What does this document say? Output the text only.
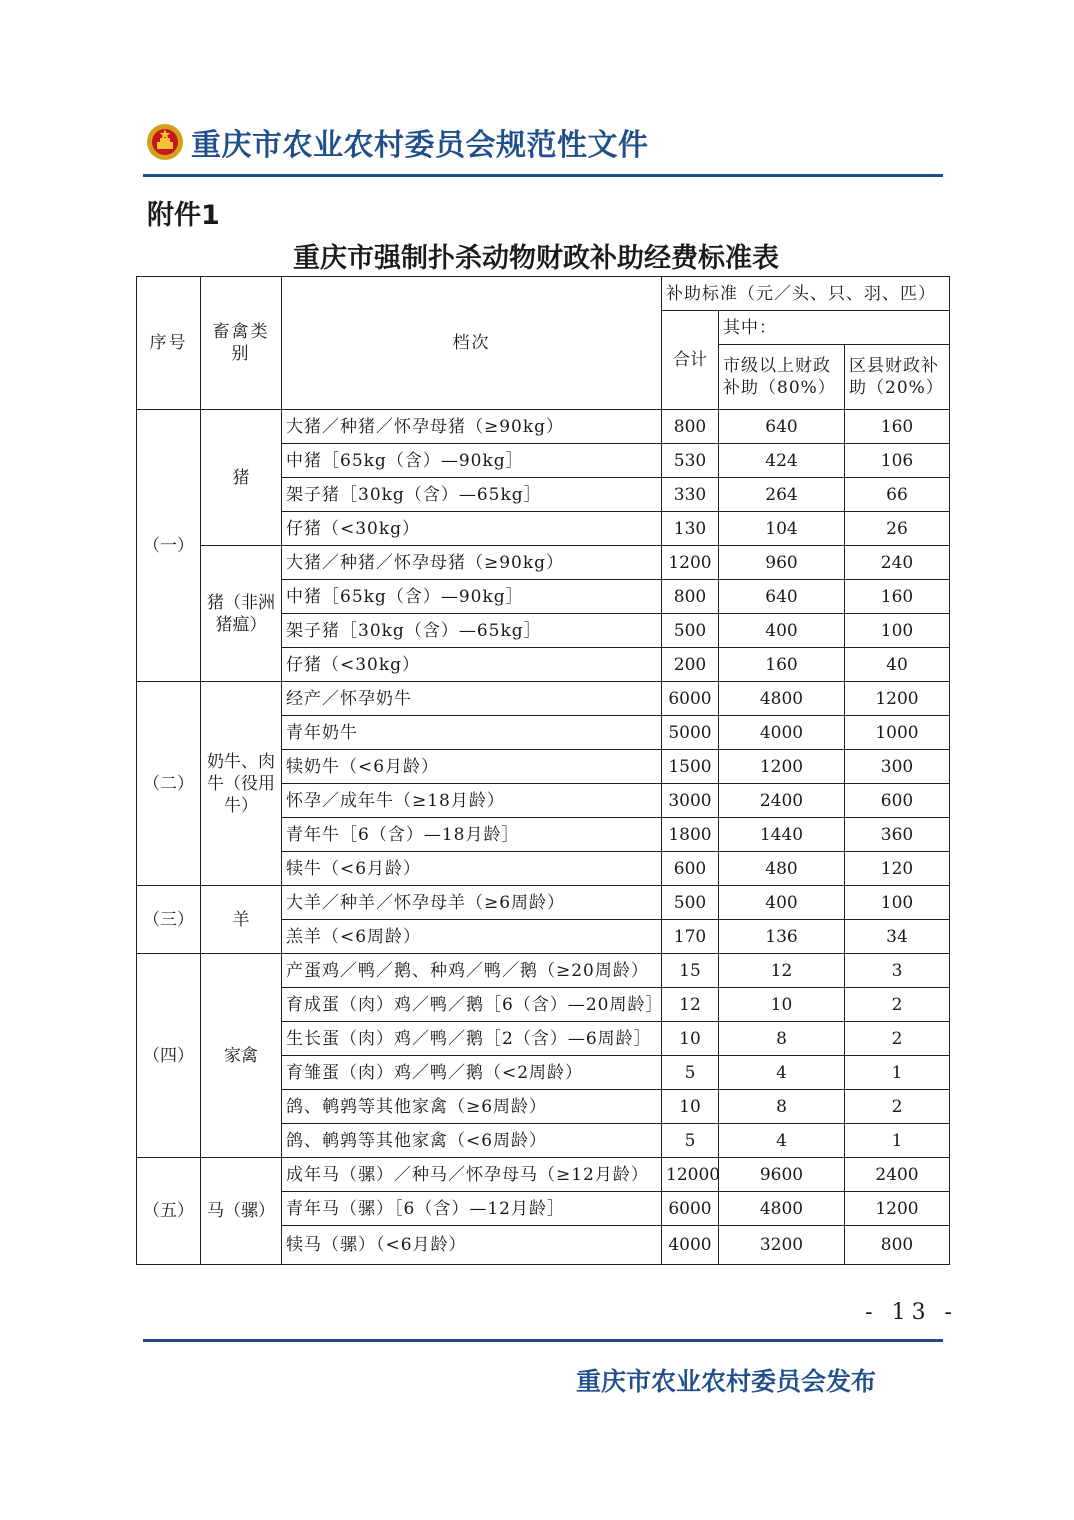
重庆市农业农村委员会规范性文件
附件1
重庆市强制扑杀动物财政补助经费标准表
序号	畜禽类别	档次	补助标准（元／头、只、羽、匹）		
			合计	其中：	
				市级以上财政补助（80%）	区县财政补助（20%）
（一）	猪	大猪／种猪／怀孕母猪（≥90kg）	800	640	160
		中猪［65kg（含）—90kg］	530	424	106
		架子猪［30kg（含）—65kg］	330	264	66
		仔猪（<30kg）	130	104	26
	猪（非洲猪瘟）	大猪／种猪／怀孕母猪（≥90kg）	1200	960	240
		中猪［65kg（含）—90kg］	800	640	160
		架子猪［30kg（含）—65kg］	500	400	100
		仔猪（<30kg）	200	160	40
（二）	奶牛、肉牛（役用牛）	经产／怀孕奶牛	6000	4800	1200
		青年奶牛	5000	4000	1000
		犊奶牛（<6月龄）	1500	1200	300
		怀孕／成年牛（≥18月龄）	3000	2400	600
		青年牛［6（含）—18月龄］	1800	1440	360
		犊牛（<6月龄）	600	480	120
（三）	羊	大羊／种羊／怀孕母羊（≥6周龄）	500	400	100
		羔羊（<6周龄）	170	136	34
（四）	家禽	产蛋鸡／鸭／鹅、种鸡／鸭／鹅（≥20周龄）	15	12	3
		育成蛋（肉）鸡／鸭／鹅［6（含）—20周龄］	12	10	2
		生长蛋（肉）鸡／鸭／鹅［2（含）—6周龄］	10	8	2
		育雏蛋（肉）鸡／鸭／鹅（<2周龄）	5	4	1
		鸽、鹌鹑等其他家禽（≥6周龄）	10	8	2
		鸽、鹌鹑等其他家禽（<6周龄）	5	4	1
（五）	马（骡）	成年马（骡）／种马／怀孕母马（≥12月龄）	12000	9600	2400
		青年马（骡）［6（含）—12月龄］	6000	4800	1200
		犊马（骡）（<6月龄）	4000	3200	800
- 13 -
重庆市农业农村委员会发布
